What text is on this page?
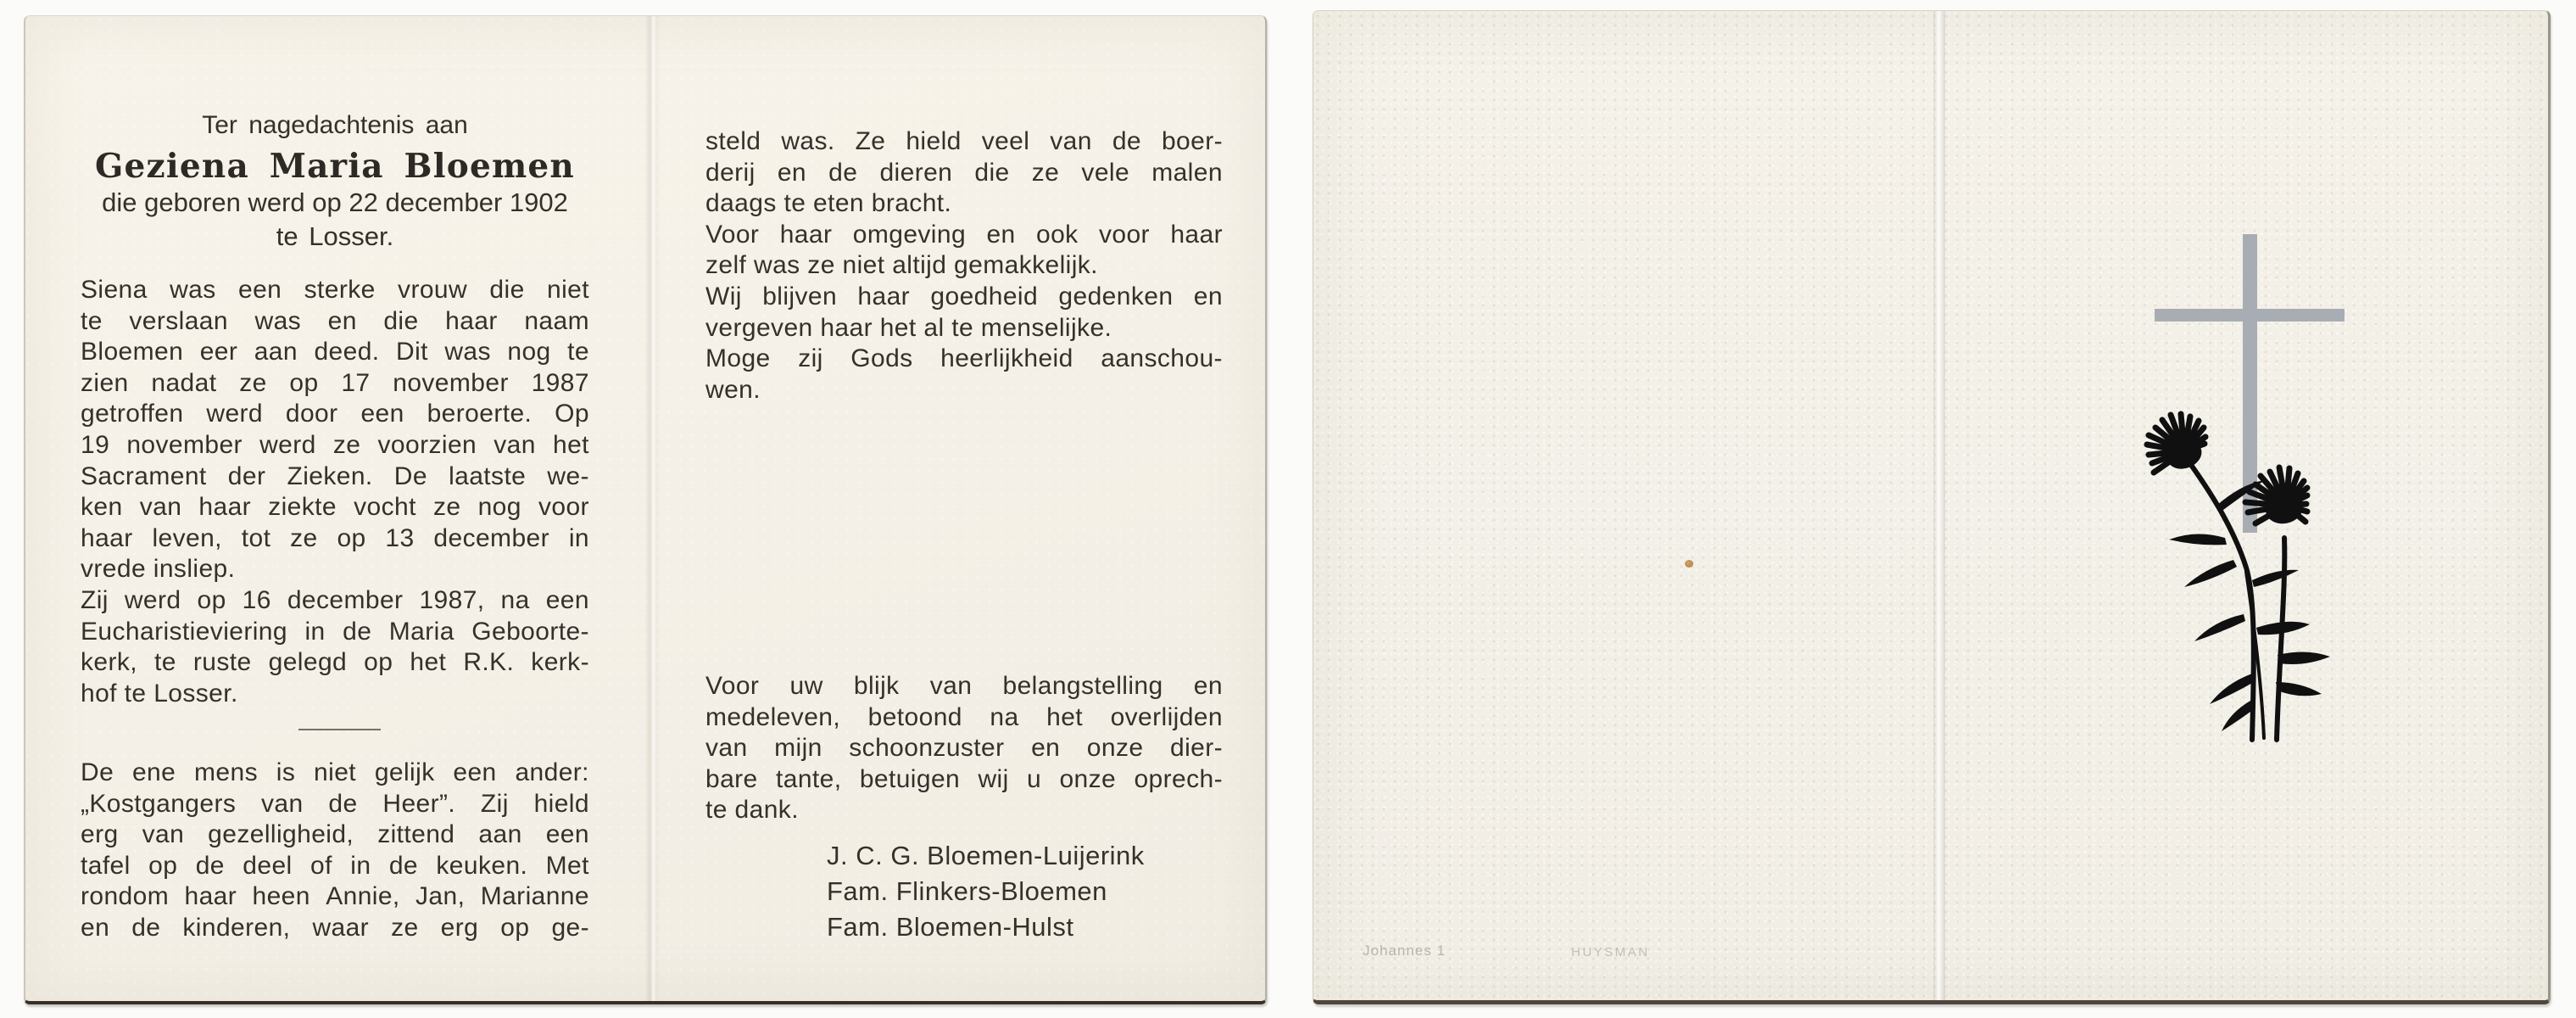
Ter nagedachtenis aan
Geziena Maria Bloemen
die geboren werd op 22 december 1902
te Losser.
Siena was een sterke vrouw die niet
te verslaan was en die haar naam
Bloemen eer aan deed. Dit was nog te
zien nadat ze op 17 november 1987
getroffen werd door een beroerte. Op
19 november werd ze voorzien van het
Sacrament der Zieken. De laatste we-
ken van haar ziekte vocht ze nog voor
haar leven, tot ze op 13 december in
vrede insliep.
Zij werd op 16 december 1987, na een
Eucharistieviering in de Maria Geboorte-
kerk, te ruste gelegd op het R.K. kerk-
hof te Losser.
De ene mens is niet gelijk een ander:
„Kostgangers van de Heer”. Zij hield
erg van gezelligheid, zittend aan een
tafel op de deel of in de keuken. Met
rondom haar heen Annie, Jan, Marianne
en de kinderen, waar ze erg op ge-
steld was. Ze hield veel van de boer-
derij en de dieren die ze vele malen
daags te eten bracht.
Voor haar omgeving en ook voor haar
zelf was ze niet altijd gemakkelijk.
Wij blijven haar goedheid gedenken en
vergeven haar het al te menselijke.
Moge zij Gods heerlijkheid aanschou-
wen.
Voor uw blijk van belangstelling en
medeleven, betoond na het overlijden
van mijn schoonzuster en onze dier-
bare tante, betuigen wij u onze oprech-
te dank.
J. C. G. Bloemen-Luijerink
Fam. Flinkers-Bloemen
Fam. Bloemen-Hulst
Johannes 1	HUYSMAN
